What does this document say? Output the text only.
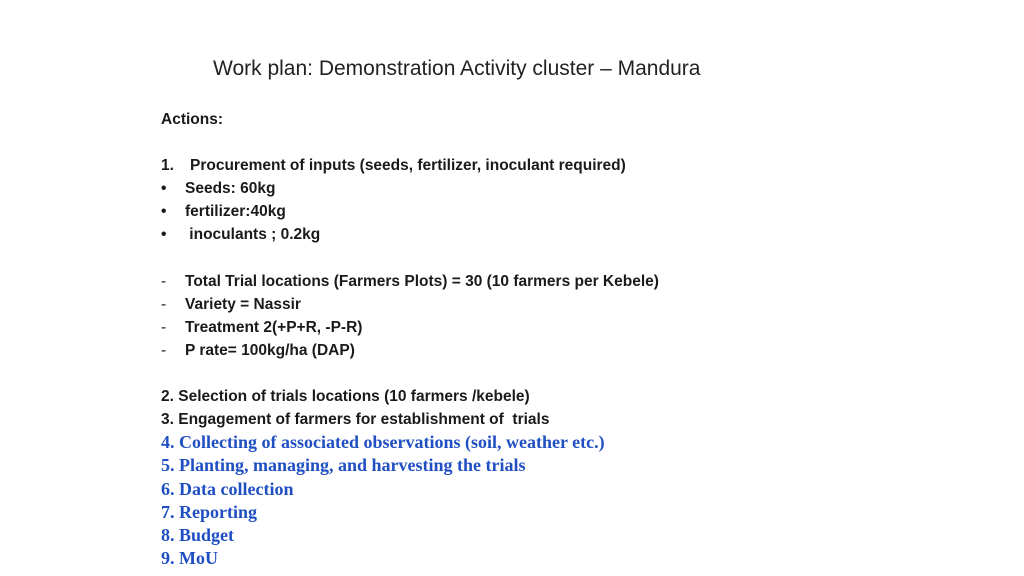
Work plan: Demonstration Activity cluster – Mandura
Actions:
1. Procurement of inputs (seeds, fertilizer, inoculant required)
• Seeds: 60kg
• fertilizer:40kg
• inoculants ; 0.2kg
- Total Trial locations (Farmers Plots) = 30 (10 farmers per Kebele)
- Variety = Nassir
- Treatment 2(+P+R, -P-R)
- P rate= 100kg/ha (DAP)
2. Selection of trials locations (10 farmers /kebele)
3. Engagement of farmers for establishment of  trials
4. Collecting of associated observations (soil, weather etc.)
5. Planting, managing, and harvesting the trials
6. Data collection
7. Reporting
8. Budget
9. MoU
